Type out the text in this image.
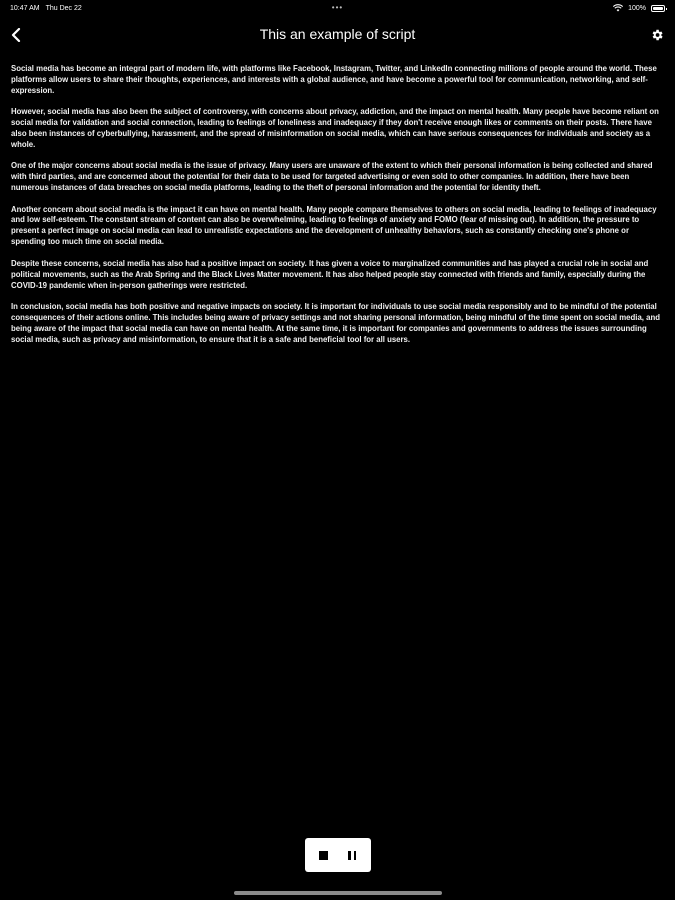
10:47 AM Thu Dec 22	•••	100%
This an example of script

Social media has become an integral part of modern life, with platforms like Facebook, Instagram, Twitter, and LinkedIn connecting millions of people around the world. These platforms allow users to share their thoughts, experiences, and interests with a global audience, and have become a powerful tool for communication, networking, and self-expression.

However, social media has also been the subject of controversy, with concerns about privacy, addiction, and the impact on mental health. Many people have become reliant on social media for validation and social connection, leading to feelings of loneliness and inadequacy if they don't receive enough likes or comments on their posts. There have also been instances of cyberbullying, harassment, and the spread of misinformation on social media, which can have serious consequences for individuals and society as a whole.

One of the major concerns about social media is the issue of privacy. Many users are unaware of the extent to which their personal information is being collected and shared with third parties, and are concerned about the potential for their data to be used for targeted advertising or even sold to other companies. In addition, there have been numerous instances of data breaches on social media platforms, leading to the theft of personal information and the potential for identity theft.

Another concern about social media is the impact it can have on mental health. Many people compare themselves to others on social media, leading to feelings of inadequacy and low self-esteem. The constant stream of content can also be overwhelming, leading to feelings of anxiety and FOMO (fear of missing out). In addition, the pressure to present a perfect image on social media can lead to unrealistic expectations and the development of unhealthy behaviors, such as constantly checking one's phone or spending too much time on social media.

Despite these concerns, social media has also had a positive impact on society. It has given a voice to marginalized communities and has played a crucial role in social and political movements, such as the Arab Spring and the Black Lives Matter movement. It has also helped people stay connected with friends and family, especially during the COVID-19 pandemic when in-person gatherings were restricted.

In conclusion, social media has both positive and negative impacts on society. It is important for individuals to use social media responsibly and to be mindful of the potential consequences of their actions online. This includes being aware of privacy settings and not sharing personal information, being mindful of the time spent on social media, and being aware of the impact that social media can have on mental health. At the same time, it is important for companies and governments to address the issues surrounding social media, such as privacy and misinformation, to ensure that it is a safe and beneficial tool for all users.
